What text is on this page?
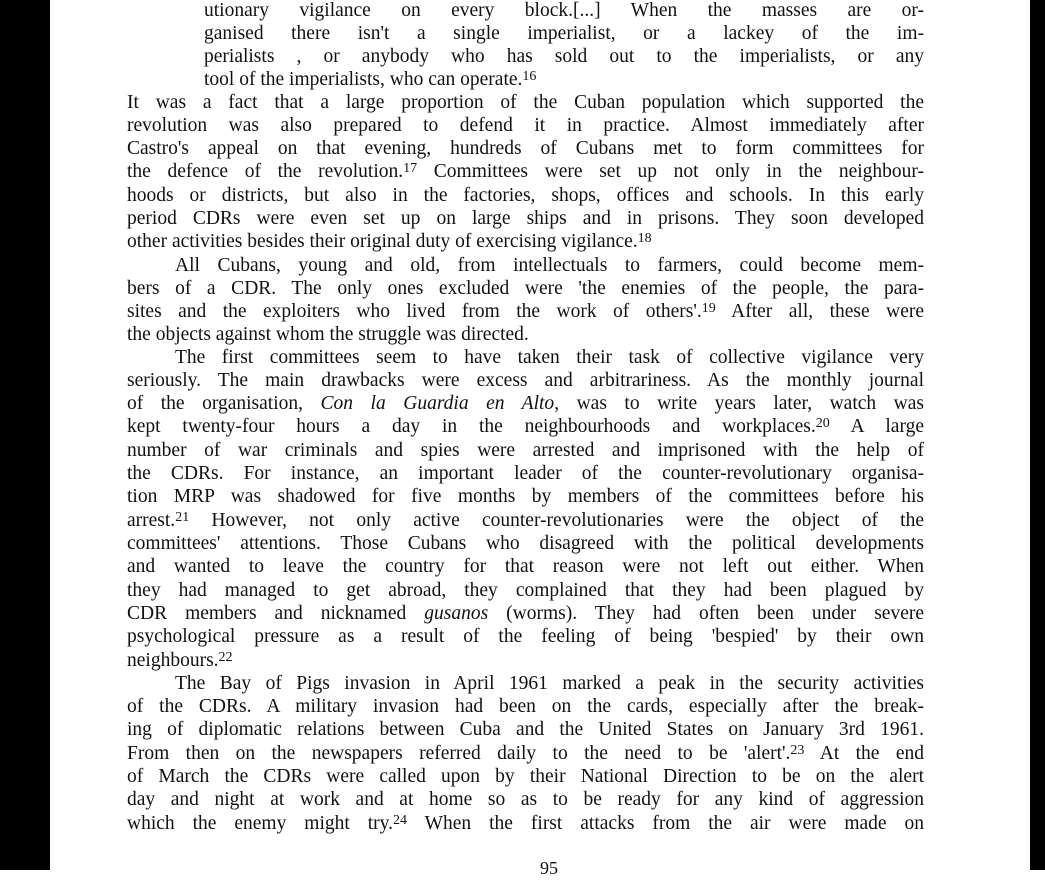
utionary vigilance on every block.[...] When the masses are or-
ganised there isn't a single imperialist, or a lackey of the im-
perialists , or anybody who has sold out to the imperialists, or any
tool of the imperialists, who can operate.$^{16}$
It was a fact that a large proportion of the Cuban population which supported the
revolution was also prepared to defend it in practice. Almost immediately after
Castro's appeal on that evening, hundreds of Cubans met to form committees for
the defence of the revolution.$^{17}$ Committees were set up not only in the neighbour-
hoods or districts, but also in the factories, shops, offices and schools. In this early
period CDRs were even set up on large ships and in prisons. They soon developed
other activities besides their original duty of exercising vigilance.$^{18}$
All Cubans, young and old, from intellectuals to farmers, could become mem-
bers of a CDR. The only ones excluded were 'the enemies of the people, the para-
sites and the exploiters who lived from the work of others'.$^{19}$ After all, these were
the objects against whom the struggle was directed.
The first committees seem to have taken their task of collective vigilance very
seriously. The main drawbacks were excess and arbitrariness. As the monthly journal
of the organisation, Con la Guardia en Alto, was to write years later, watch was
kept twenty-four hours a day in the neighbourhoods and workplaces.$^{20}$ A large
number of war criminals and spies were arrested and imprisoned with the help of
the CDRs. For instance, an important leader of the counter-revolutionary organisa-
tion MRP was shadowed for five months by members of the committees before his
arrest.$^{21}$ However, not only active counter-revolutionaries were the object of the
committees' attentions. Those Cubans who disagreed with the political developments
and wanted to leave the country for that reason were not left out either. When
they had managed to get abroad, they complained that they had been plagued by
CDR members and nicknamed gusanos (worms). They had often been under severe
psychological pressure as a result of the feeling of being 'bespied' by their own
neighbours.$^{22}$
The Bay of Pigs invasion in April 1961 marked a peak in the security activities
of the CDRs. A military invasion had been on the cards, especially after the break-
ing of diplomatic relations between Cuba and the United States on January 3rd 1961.
From then on the newspapers referred daily to the need to be 'alert'.$^{23}$ At the end
of March the CDRs were called upon by their National Direction to be on the alert
day and night at work and at home so as to be ready for any kind of aggression
which the enemy might try.$^{24}$ When the first attacks from the air were made on
95
